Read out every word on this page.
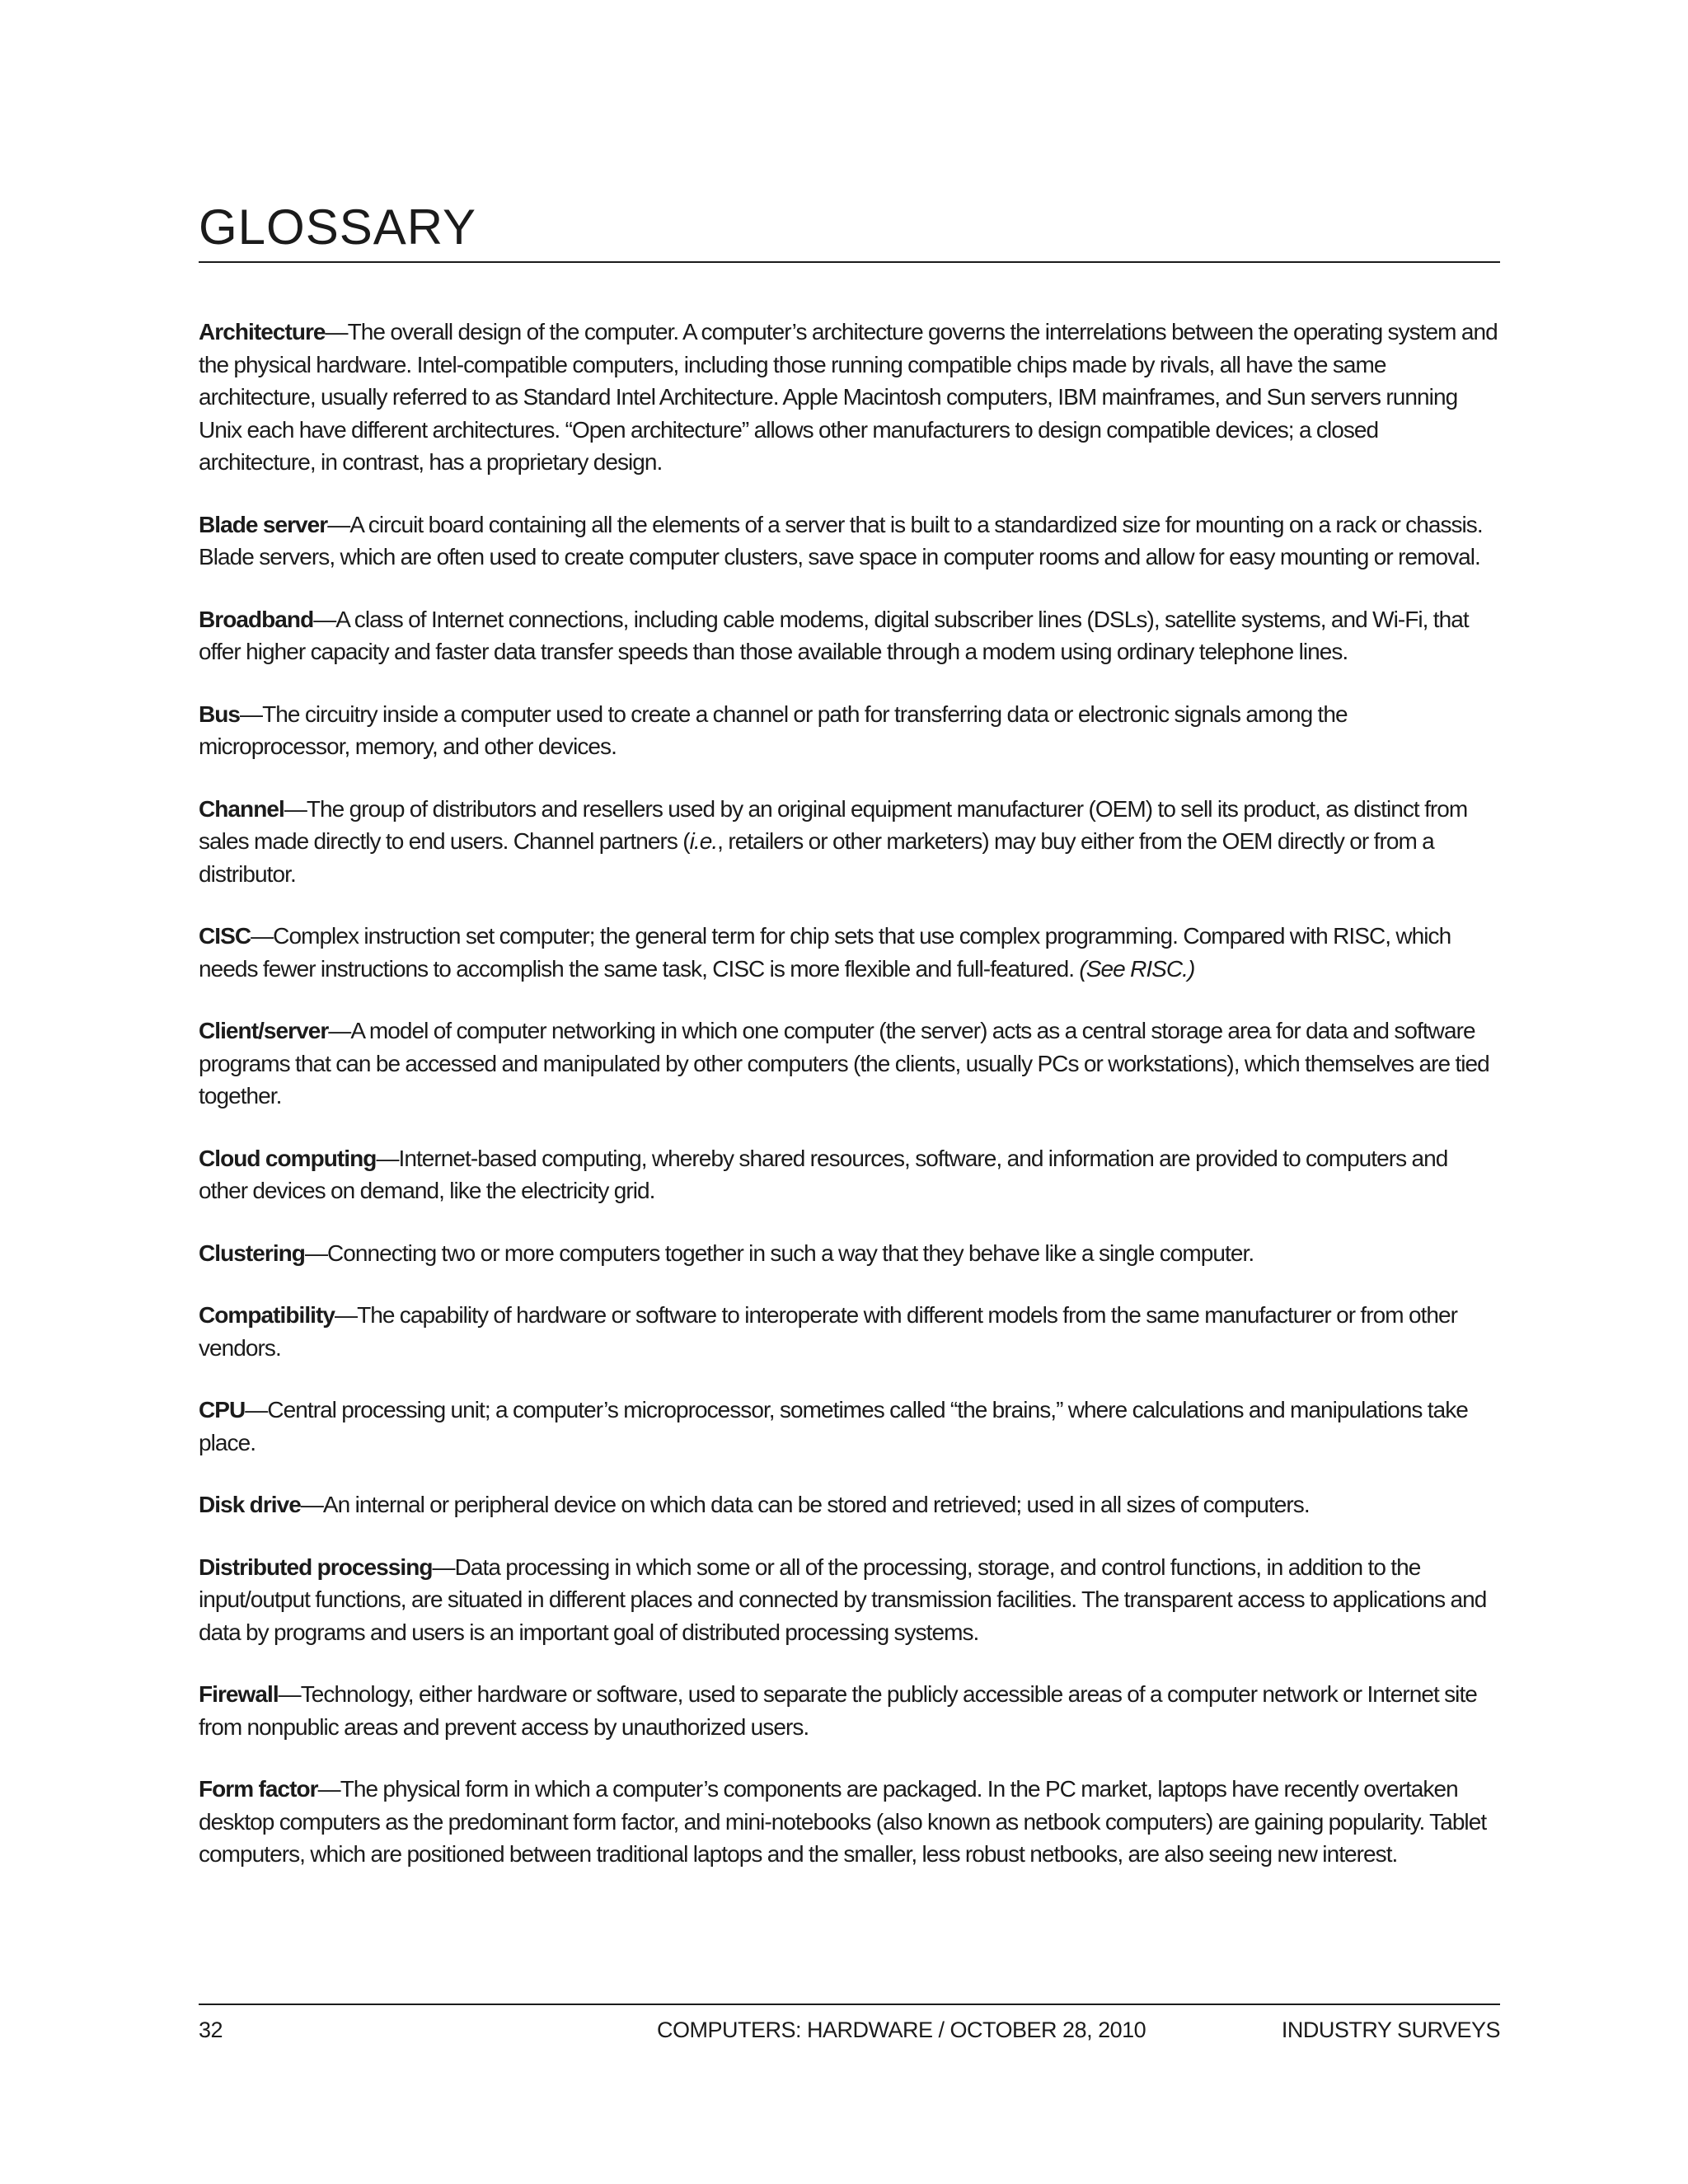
GLOSSARY

Architecture—The overall design of the computer. A computer’s architecture governs the interrelations between the operating system and the physical hardware. Intel-compatible computers, including those running compatible chips made by rivals, all have the same architecture, usually referred to as Standard Intel Architecture. Apple Macintosh computers, IBM mainframes, and Sun servers running Unix each have different architectures. “Open architecture” allows other manufacturers to design compatible devices; a closed architecture, in contrast, has a proprietary design.

Blade server—A circuit board containing all the elements of a server that is built to a standardized size for mounting on a rack or chassis. Blade servers, which are often used to create computer clusters, save space in computer rooms and allow for easy mounting or removal.

Broadband—A class of Internet connections, including cable modems, digital subscriber lines (DSLs), satellite systems, and Wi-Fi, that offer higher capacity and faster data transfer speeds than those available through a modem using ordinary telephone lines.

Bus—The circuitry inside a computer used to create a channel or path for transferring data or electronic signals among the microprocessor, memory, and other devices.

Channel—The group of distributors and resellers used by an original equipment manufacturer (OEM) to sell its product, as distinct from sales made directly to end users. Channel partners (i.e., retailers or other marketers) may buy either from the OEM directly or from a distributor.

CISC—Complex instruction set computer; the general term for chip sets that use complex programming. Compared with RISC, which needs fewer instructions to accomplish the same task, CISC is more flexible and full-featured. (See RISC.)

Client/server—A model of computer networking in which one computer (the server) acts as a central storage area for data and software programs that can be accessed and manipulated by other computers (the clients, usually PCs or workstations), which themselves are tied together.

Cloud computing—Internet-based computing, whereby shared resources, software, and information are provided to computers and other devices on demand, like the electricity grid.

Clustering—Connecting two or more computers together in such a way that they behave like a single computer.

Compatibility—The capability of hardware or software to interoperate with different models from the same manufacturer or from other vendors.

CPU—Central processing unit; a computer’s microprocessor, sometimes called “the brains,” where calculations and manipulations take place.

Disk drive—An internal or peripheral device on which data can be stored and retrieved; used in all sizes of computers.

Distributed processing—Data processing in which some or all of the processing, storage, and control functions, in addition to the input/output functions, are situated in different places and connected by transmission facilities. The transparent access to applications and data by programs and users is an important goal of distributed processing systems.

Firewall—Technology, either hardware or software, used to separate the publicly accessible areas of a computer network or Internet site from nonpublic areas and prevent access by unauthorized users.

Form factor—The physical form in which a computer’s components are packaged. In the PC market, laptops have recently overtaken desktop computers as the predominant form factor, and mini-notebooks (also known as netbook computers) are gaining popularity. Tablet computers, which are positioned between traditional laptops and the smaller, less robust netbooks, are also seeing new interest.

32	COMPUTERS: HARDWARE / OCTOBER 28, 2010	INDUSTRY SURVEYS
